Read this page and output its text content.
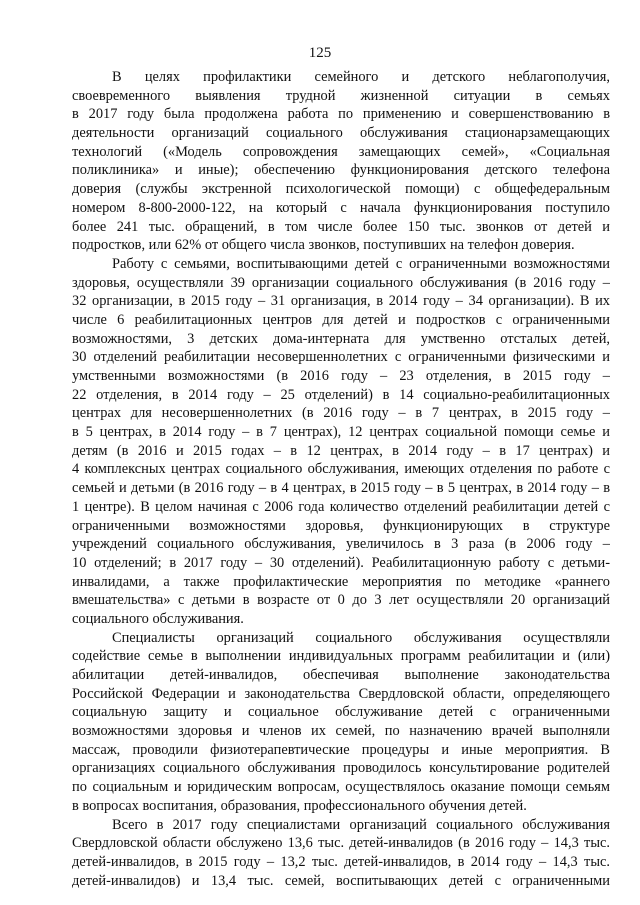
125
В целях профилактики семейного и детского неблагополучия,
своевременного выявления трудной жизненной ситуации в семьях
в 2017 году была продолжена работа по применению и совершенствованию в
деятельности организаций социального обслуживания стационарзамещающих
технологий («Модель сопровождения замещающих семей», «Социальная
поликлиника» и иные); обеспечению функционирования детского телефона
доверия (службы экстренной психологической помощи) с общефедеральным
номером 8-800-2000-122, на который с начала функционирования поступило
более 241 тыс. обращений, в том числе более 150 тыс. звонков от детей и
подростков, или 62% от общего числа звонков, поступивших на телефон доверия.
Работу с семьями, воспитывающими детей с ограниченными возможностями
здоровья, осуществляли 39 организации социального обслуживания (в 2016 году –
32 организации, в 2015 году – 31 организация, в 2014 году – 34 организации). В их
числе 6 реабилитационных центров для детей и подростков с ограниченными
возможностями, 3 детских дома-интерната для умственно отсталых детей,
30 отделений реабилитации несовершеннолетних с ограниченными физическими и
умственными возможностями (в 2016 году – 23 отделения, в 2015 году –
22 отделения, в 2014 году – 25 отделений) в 14 социально-реабилитационных
центрах для несовершеннолетних (в 2016 году – в 7 центрах, в 2015 году –
в 5 центрах, в 2014 году – в 7 центрах), 12 центрах социальной помощи семье и
детям (в 2016 и 2015 годах – в 12 центрах, в 2014 году – в 17 центрах) и
4 комплексных центрах социального обслуживания, имеющих отделения по работе с
семьей и детьми (в 2016 году – в 4 центрах, в 2015 году – в 5 центрах, в 2014 году – в
1 центре). В целом начиная с 2006 года количество отделений реабилитации детей с
ограниченными возможностями здоровья, функционирующих в структуре
учреждений социального обслуживания, увеличилось в 3 раза (в 2006 году –
10 отделений; в 2017 году – 30 отделений). Реабилитационную работу с детьми-
инвалидами, а также профилактические мероприятия по методике «раннего
вмешательства» с детьми в возрасте от 0 до 3 лет осуществляли 20 организаций
социального обслуживания.
Специалисты организаций социального обслуживания осуществляли
содействие семье в выполнении индивидуальных программ реабилитации и (или)
абилитации детей-инвалидов, обеспечивая выполнение законодательства
Российской Федерации и законодательства Свердловской области, определяющего
социальную защиту и социальное обслуживание детей с ограниченными
возможностями здоровья и членов их семей, по назначению врачей выполняли
массаж, проводили физиотерапевтические процедуры и иные мероприятия. В
организациях социального обслуживания проводилось консультирование родителей
по социальным и юридическим вопросам, осуществлялось оказание помощи семьям
в вопросах воспитания, образования, профессионального обучения детей.
Всего в 2017 году специалистами организаций социального обслуживания
Свердловской области обслужено 13,6 тыс. детей-инвалидов (в 2016 году – 14,3 тыс.
детей-инвалидов, в 2015 году – 13,2 тыс. детей-инвалидов, в 2014 году – 14,3 тыс.
детей-инвалидов) и 13,4 тыс. семей, воспитывающих детей с ограниченными
